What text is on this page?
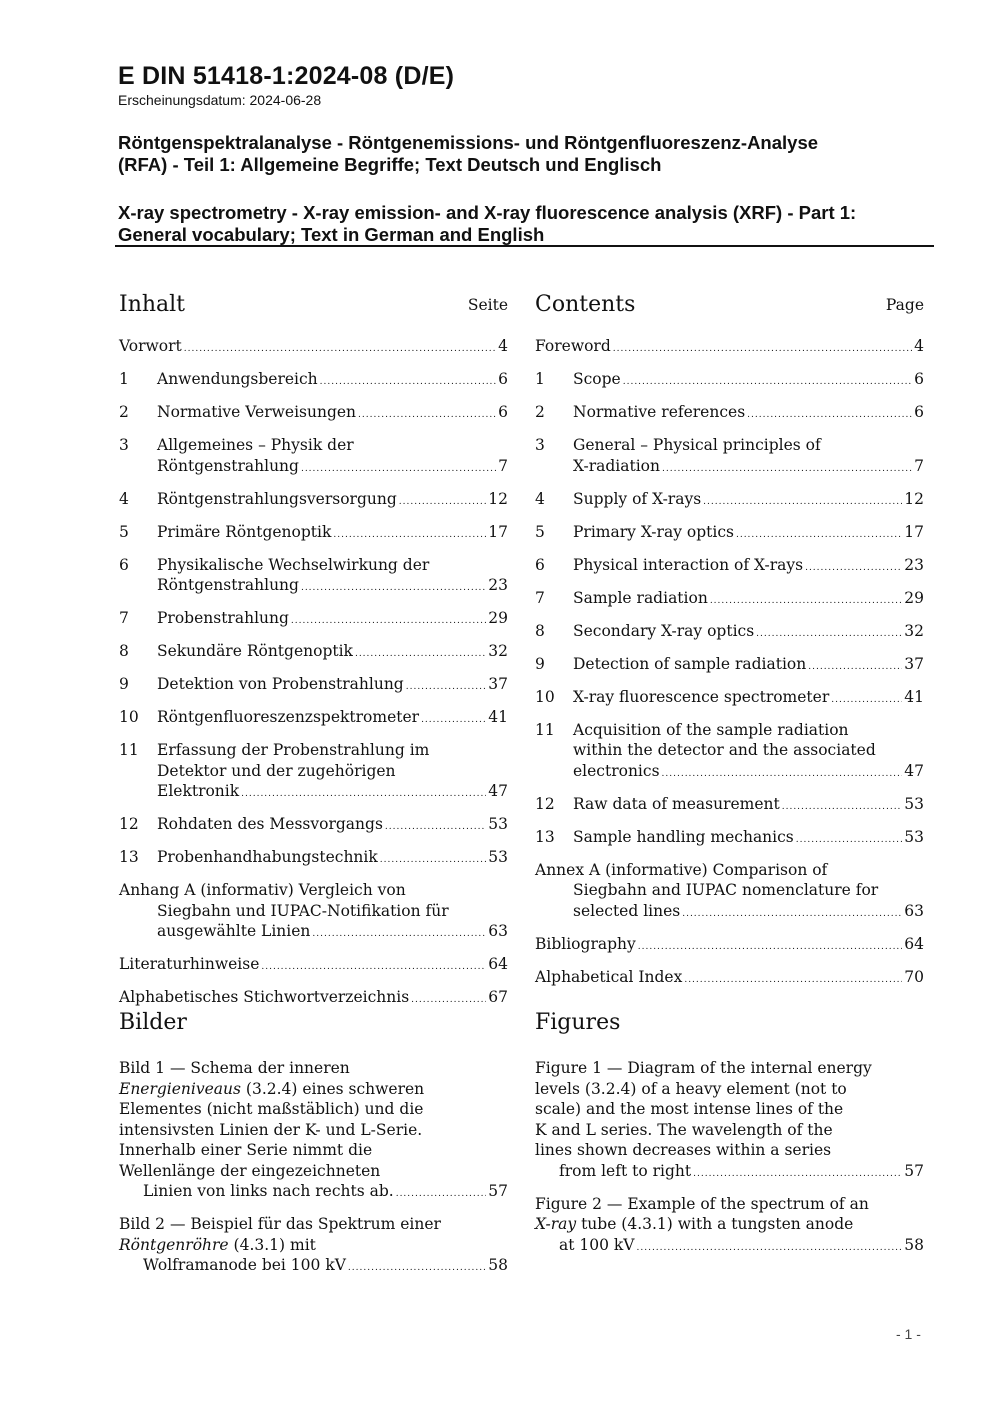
E DIN 51418-1:2024-08 (D/E)
Erscheinungsdatum: 2024-06-28
Röntgenspektralanalyse - Röntgenemissions- und Röntgenfluoreszenz-Analyse
(RFA) - Teil 1: Allgemeine Begriffe; Text Deutsch und Englisch
X-ray spectrometry - X-ray emission- and X-ray fluorescence analysis (XRF) - Part 1:
General vocabulary; Text in German and English
Inhalt	Seite
Vorwort .....	4
1	Anwendungsbereich .....	6
2	Normative Verweisungen .....	6
3	Allgemeines – Physik der
Röntgenstrahlung .....	7
4	Röntgenstrahlungsversorgung .....	12
5	Primäre Röntgenoptik .....	17
6	Physikalische Wechselwirkung der
Röntgenstrahlung .....	23
7	Probenstrahlung .....	29
8	Sekundäre Röntgenoptik .....	32
9	Detektion von Probenstrahlung .....	37
10	Röntgenfluoreszenzspektrometer .....	41
11	Erfassung der Probenstrahlung im
Detektor und der zugehörigen
Elektronik .....	47
12	Rohdaten des Messvorgangs .....	53
13	Probenhandhabungstechnik .....	53
Anhang A (informativ) Vergleich von
Siegbahn und IUPAC-Notifikation für
ausgewählte Linien .....	63
Literaturhinweise .....	64
Alphabetisches Stichwortverzeichnis .....	67
Contents	Page
Foreword .....	4
1	Scope .....	6
2	Normative references .....	6
3	General – Physical principles of
X-radiation .....	7
4	Supply of X-rays .....	12
5	Primary X-ray optics .....	17
6	Physical interaction of X-rays .....	23
7	Sample radiation .....	29
8	Secondary X-ray optics .....	32
9	Detection of sample radiation .....	37
10	X-ray fluorescence spectrometer .....	41
11	Acquisition of the sample radiation
within the detector and the associated
electronics .....	47
12	Raw data of measurement .....	53
13	Sample handling mechanics .....	53
Annex A (informative) Comparison of
Siegbahn and IUPAC nomenclature for
selected lines .....	63
Bibliography .....	64
Alphabetical Index .....	70
Bilder
Bild 1 — Schema der inneren
Energieniveaus (3.2.4) eines schweren
Elementes (nicht maßstäblich) und die
intensivsten Linien der K- und L-Serie.
Innerhalb einer Serie nimmt die
Wellenlänge der eingezeichneten
Linien von links nach rechts ab. .....	57
Bild 2 — Beispiel für das Spektrum einer
Röntgenröhre (4.3.1) mit
Wolframanode bei 100 kV .....	58
Figures
Figure 1 — Diagram of the internal energy
levels (3.2.4) of a heavy element (not to
scale) and the most intense lines of the
K and L series. The wavelength of the
lines shown decreases within a series
from left to right .....	57
Figure 2 — Example of the spectrum of an
X-ray tube (4.3.1) with a tungsten anode
at 100 kV .....	58
- 1 -
